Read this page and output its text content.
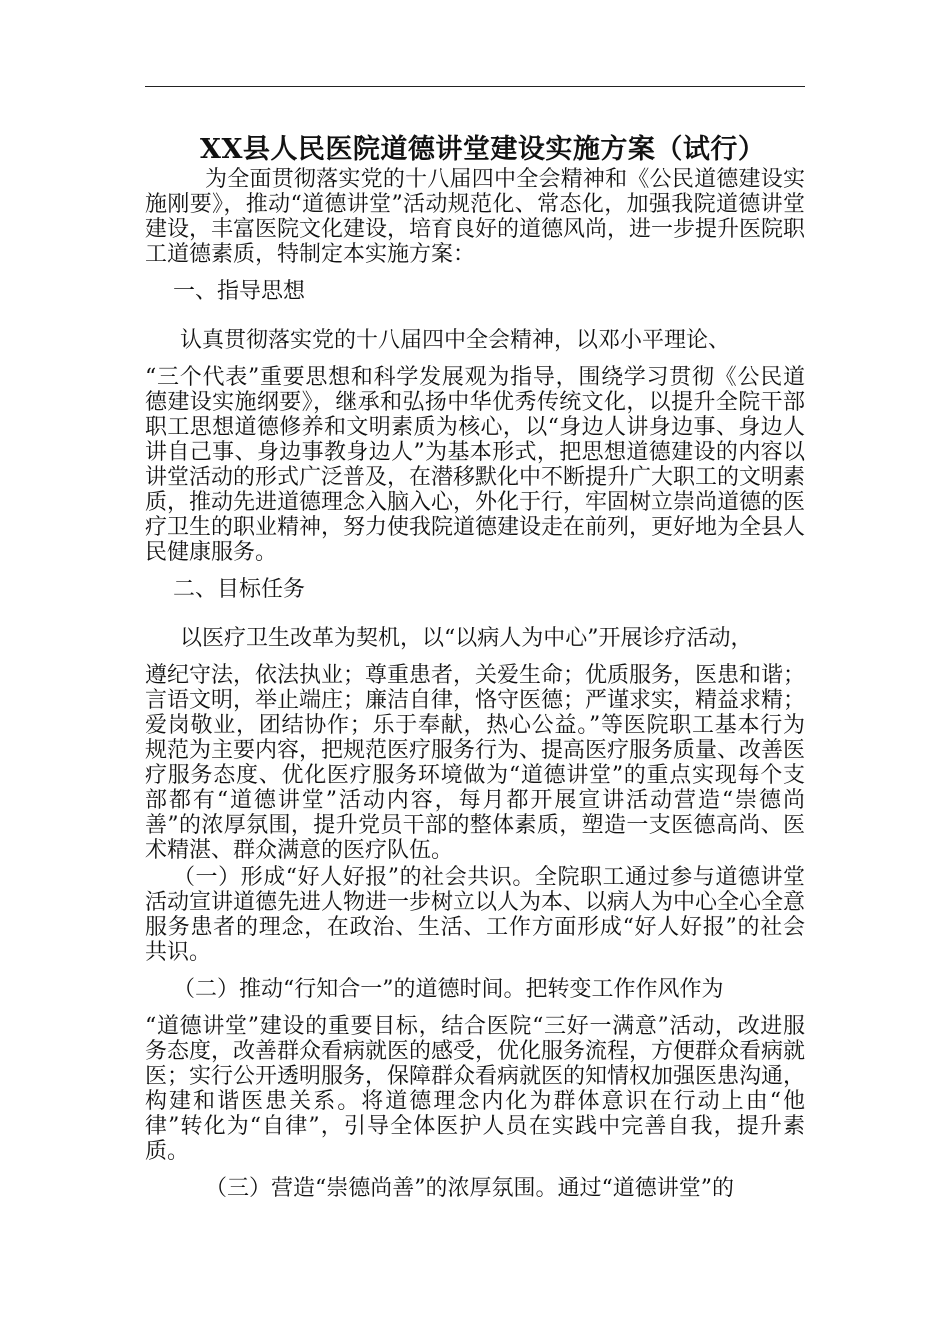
XX县人民医院道德讲堂建设实施方案（试行）

为全面贯彻落实党的十八届四中全会精神和《公民道德建设实施刚要》，推动“道德讲堂”活动规范化、常态化，加强我院道德讲堂建设，丰富医院文化建设，培育良好的道德风尚，进一步提升医院职工道德素质，特制定本实施方案：

一、指导思想

认真贯彻落实党的十八届四中全会精神，以邓小平理论、

“三个代表”重要思想和科学发展观为指导，围绕学习贯彻《公民道德建设实施纲要》，继承和弘扬中华优秀传统文化，以提升全院干部职工思想道德修养和文明素质为核心，以“身边人讲身边事、身边人讲自己事、身边事教身边人”为基本形式，把思想道德建设的内容以讲堂活动的形式广泛普及，在潜移默化中不断提升广大职工的文明素质，推动先进道德理念入脑入心，外化于行，牢固树立崇尚道德的医疗卫生的职业精神，努力使我院道德建设走在前列，更好地为全县人民健康服务。

二、目标任务

以医疗卫生改革为契机，以“以病人为中心”开展诊疗活动，

遵纪守法，依法执业；尊重患者，关爱生命；优质服务，医患和谐；言语文明，举止端庄；廉洁自律，恪守医德；严谨求实，精益求精；爱岗敬业，团结协作；乐于奉献，热心公益。”等医院职工基本行为规范为主要内容，把规范医疗服务行为、提高医疗服务质量、改善医疗服务态度、优化医疗服务环境做为“道德讲堂”的重点实现每个支部都有“道德讲堂”活动内容，每月都开展宣讲活动营造“崇德尚善”的浓厚氛围，提升党员干部的整体素质，塑造一支医德高尚、医术精湛、群众满意的医疗队伍。

（一）形成“好人好报”的社会共识。全院职工通过参与道德讲堂活动宣讲道德先进人物进一步树立以人为本、以病人为中心全心全意服务患者的理念，在政治、生活、工作方面形成“好人好报”的社会共识。

（二）推动“行知合一”的道德时间。把转变工作作风作为

“道德讲堂”建设的重要目标，结合医院“三好一满意”活动，改进服务态度，改善群众看病就医的感受，优化服务流程，方便群众看病就医；实行公开透明服务，保障群众看病就医的知情权加强医患沟通，构建和谐医患关系。将道德理念内化为群体意识在行动上由“他律”转化为“自律”，引导全体医护人员在实践中完善自我，提升素质。

（三）营造“崇德尚善”的浓厚氛围。通过“道德讲堂”的
